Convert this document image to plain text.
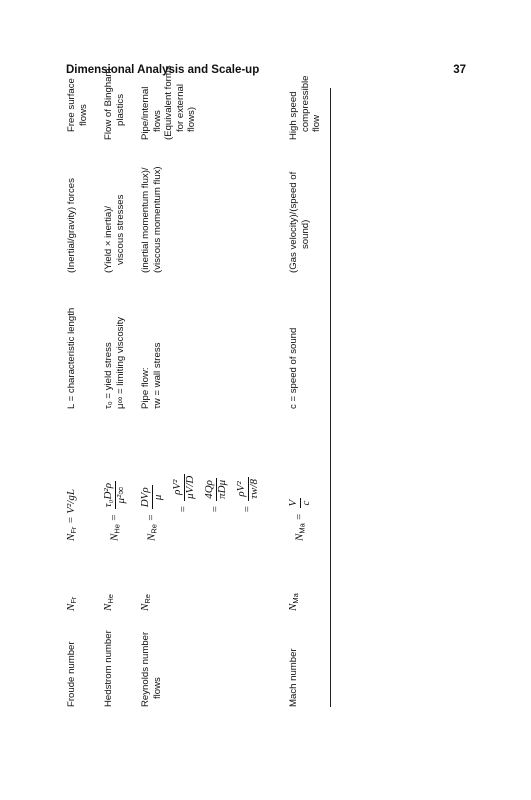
Dimensional Analysis and Scale-up	37
Froude number
$N_{Fr}$
$N_{Fr} = V^2/gL$
L = characteristic length
(Inertial/gravity) forces
Free surface flows
Hedstrom number
$N_{He}$
$N_{He}$ =
τ₀D²ρ μ²∞
τ₀ = yield stress μ∞ = limiting viscosity
(Yield × inertia)/ viscous stresses
Flow of Bingham plastics
Reynolds number flows
$N_{Re}$
$N_{Re}$ =
DVρ μ
=
ρV² μV/D
=
4Qρ πDμ
=
ρV² τw/8
Pipe flow: τw = wall stress
(inertial momentum flux)/ (viscous momentum flux)
Pipe/internal flows (Equivalent forms for external flows)
Mach number
$N_{Ma}$
$N_{Ma}$ =
V c
c = speed of sound
(Gas velocity)/(speed of sound)
High speed compressible flow
